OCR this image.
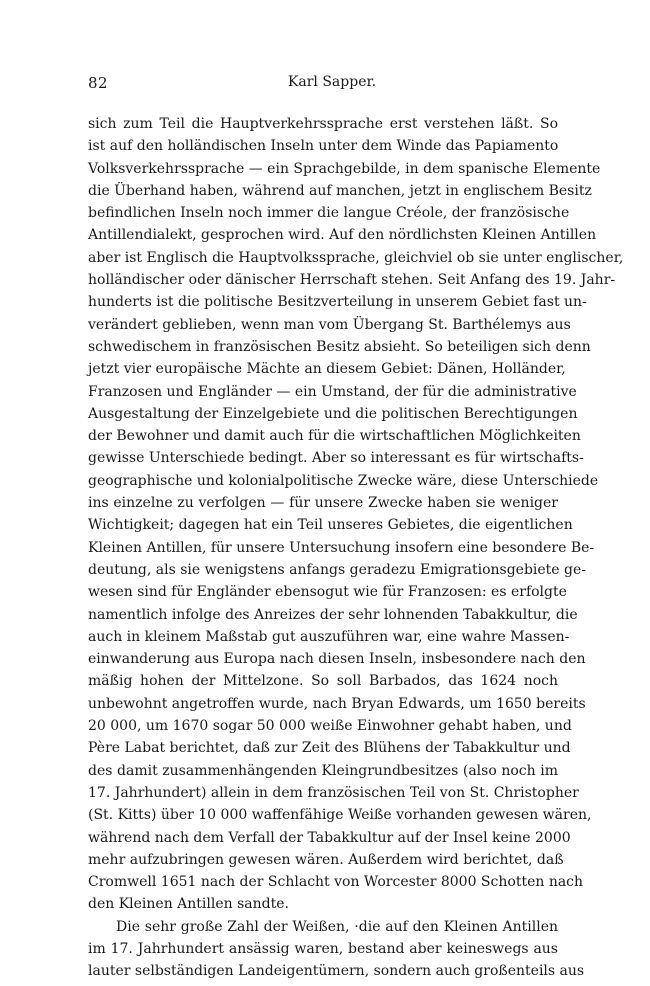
82	Karl Sapper.
sich zum Teil die Hauptverkehrssprache erst verstehen läßt. So
ist auf den holländischen Inseln unter dem Winde das Papiamento
Volksverkehrssprache — ein Sprachgebilde, in dem spanische Elemente
die Überhand haben, während auf manchen, jetzt in englischem Besitz
befindlichen Inseln noch immer die langue Créole, der französische
Antillendialekt, gesprochen wird. Auf den nördlichsten Kleinen Antillen
aber ist Englisch die Hauptvolkssprache, gleichviel ob sie unter englischer,
holländischer oder dänischer Herrschaft stehen. Seit Anfang des 19. Jahr-
hunderts ist die politische Besitzverteilung in unserem Gebiet fast un-
verändert geblieben, wenn man vom Übergang St. Barthélemys aus
schwedischem in französischen Besitz absieht. So beteiligen sich denn
jetzt vier europäische Mächte an diesem Gebiet: Dänen, Holländer,
Franzosen und Engländer — ein Umstand, der für die administrative
Ausgestaltung der Einzelgebiete und die politischen Berechtigungen
der Bewohner und damit auch für die wirtschaftlichen Möglichkeiten
gewisse Unterschiede bedingt. Aber so interessant es für wirtschafts-
geographische und kolonialpolitische Zwecke wäre, diese Unterschiede
ins einzelne zu verfolgen — für unsere Zwecke haben sie weniger
Wichtigkeit; dagegen hat ein Teil unseres Gebietes, die eigentlichen
Kleinen Antillen, für unsere Untersuchung insofern eine besondere Be-
deutung, als sie wenigstens anfangs geradezu Emigrationsgebiete ge-
wesen sind für Engländer ebensogut wie für Franzosen: es erfolgte
namentlich infolge des Anreizes der sehr lohnenden Tabakkultur, die
auch in kleinem Maßstab gut auszuführen war, eine wahre Massen-
einwanderung aus Europa nach diesen Inseln, insbesondere nach den
mäßig hohen der Mittelzone. So soll Barbados, das 1624 noch
unbewohnt angetroffen wurde, nach Bryan Edwards, um 1650 bereits
20 000, um 1670 sogar 50 000 weiße Einwohner gehabt haben, und
Père Labat berichtet, daß zur Zeit des Blühens der Tabakkultur und
des damit zusammenhängenden Kleingrundbesitzes (also noch im
17. Jahrhundert) allein in dem französischen Teil von St. Christopher
(St. Kitts) über 10 000 waffenfähige Weiße vorhanden gewesen wären,
während nach dem Verfall der Tabakkultur auf der Insel keine 2000
mehr aufzubringen gewesen wären. Außerdem wird berichtet, daß
Cromwell 1651 nach der Schlacht von Worcester 8000 Schotten nach
den Kleinen Antillen sandte.
Die sehr große Zahl der Weißen, ·die auf den Kleinen Antillen
im 17. Jahrhundert ansässig waren, bestand aber keineswegs aus
lauter selbständigen Landeigentümern, sondern auch großenteils aus
